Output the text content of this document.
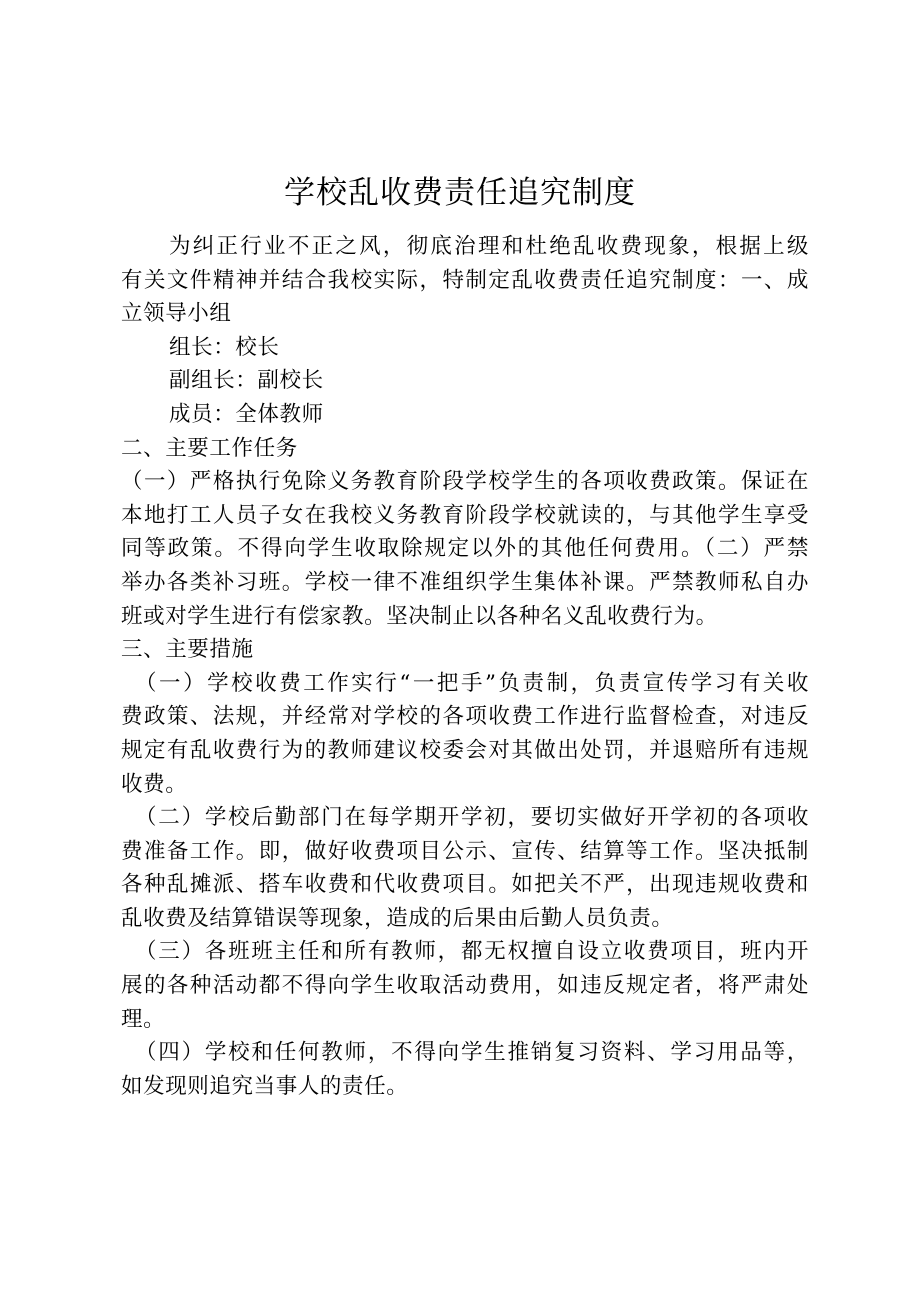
学校乱收费责任追究制度
为纠正行业不正之风，彻底治理和杜绝乱收费现象，根据上级
有关文件精神并结合我校实际，特制定乱收费责任追究制度：一、成
立领导小组
组长：校长
副组长：副校长
成员：全体教师
二、主要工作任务
（一）严格执行免除义务教育阶段学校学生的各项收费政策。保证在
本地打工人员子女在我校义务教育阶段学校就读的，与其他学生享受
同等政策。不得向学生收取除规定以外的其他任何费用。（二）严禁
举办各类补习班。学校一律不准组织学生集体补课。严禁教师私自办
班或对学生进行有偿家教。坚决制止以各种名义乱收费行为。
三、主要措施
（一）学校收费工作实行“一把手”负责制，负责宣传学习有关收
费政策、法规，并经常对学校的各项收费工作进行监督检查，对违反
规定有乱收费行为的教师建议校委会对其做出处罚，并退赔所有违规
收费。
（二）学校后勤部门在每学期开学初，要切实做好开学初的各项收
费准备工作。即，做好收费项目公示、宣传、结算等工作。坚决抵制
各种乱摊派、搭车收费和代收费项目。如把关不严，出现违规收费和
乱收费及结算错误等现象，造成的后果由后勤人员负责。
（三）各班班主任和所有教师，都无权擅自设立收费项目，班内开
展的各种活动都不得向学生收取活动费用，如违反规定者，将严肃处
理。
（四）学校和任何教师，不得向学生推销复习资料、学习用品等，
如发现则追究当事人的责任。
